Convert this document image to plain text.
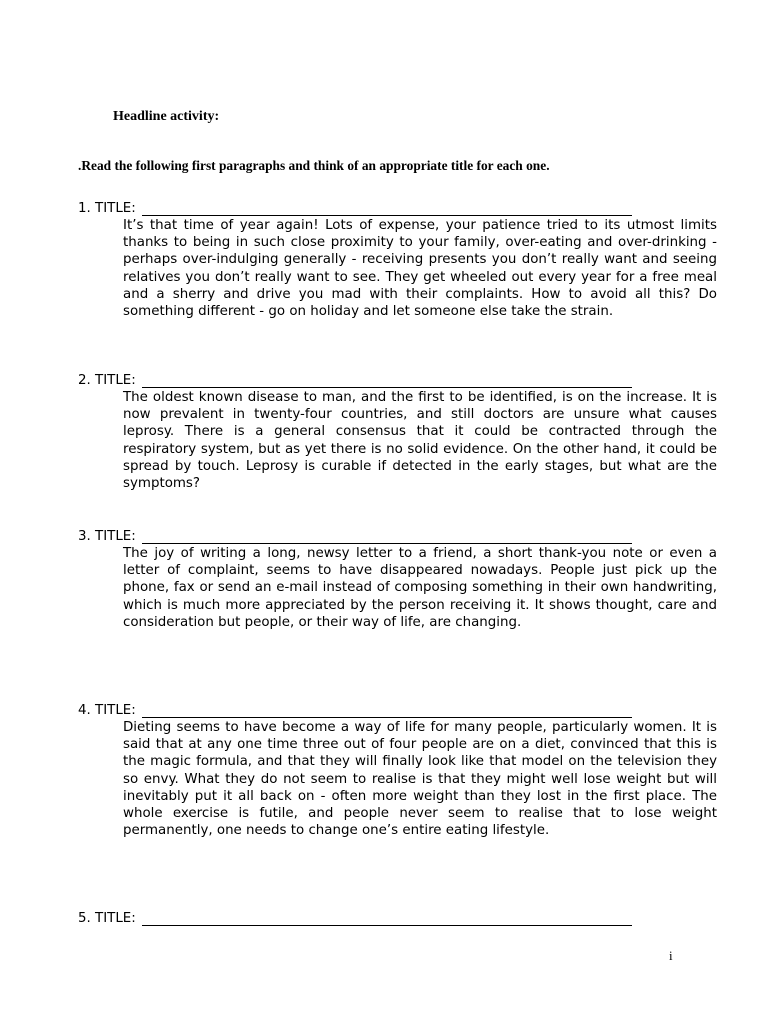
Headline activity:

.Read the following first paragraphs and think of an appropriate title for each one.

1. TITLE:

It’s that time of year again! Lots of expense, your patience tried to its utmost limits thanks to being in such close proximity to your family, over-eating and over-drinking - perhaps over-indulging generally - receiving presents you don’t really want and seeing relatives you don’t really want to see. They get wheeled out every year for a free meal and a sherry and drive you mad with their complaints. How to avoid all this? Do something different - go on holiday and let someone else take the strain.

2. TITLE:

The oldest known disease to man, and the first to be identified, is on the increase. It is now prevalent in twenty-four countries, and still doctors are unsure what causes leprosy. There is a general consensus that it could be contracted through the respiratory system, but as yet there is no solid evidence. On the other hand, it could be spread by touch. Leprosy is curable if detected in the early stages, but what are the symptoms?

3. TITLE:

The joy of writing a long, newsy letter to a friend, a short thank-you note or even a letter of complaint, seems to have disappeared nowadays. People just pick up the phone, fax or send an e-mail instead of composing something in their own handwriting, which is much more appreciated by the person receiving it. It shows thought, care and consideration but people, or their way of life, are changing.

4. TITLE:

Dieting seems to have become a way of life for many people, particularly women. It is said that at any one time three out of four people are on a diet, convinced that this is the magic formula, and that they will finally look like that model on the television they so envy. What they do not seem to realise is that they might well lose weight but will inevitably put it all back on - often more weight than they lost in the first place. The whole exercise is futile, and people never seem to realise that to lose weight permanently, one needs to change one’s entire eating lifestyle.

5. TITLE:
i
